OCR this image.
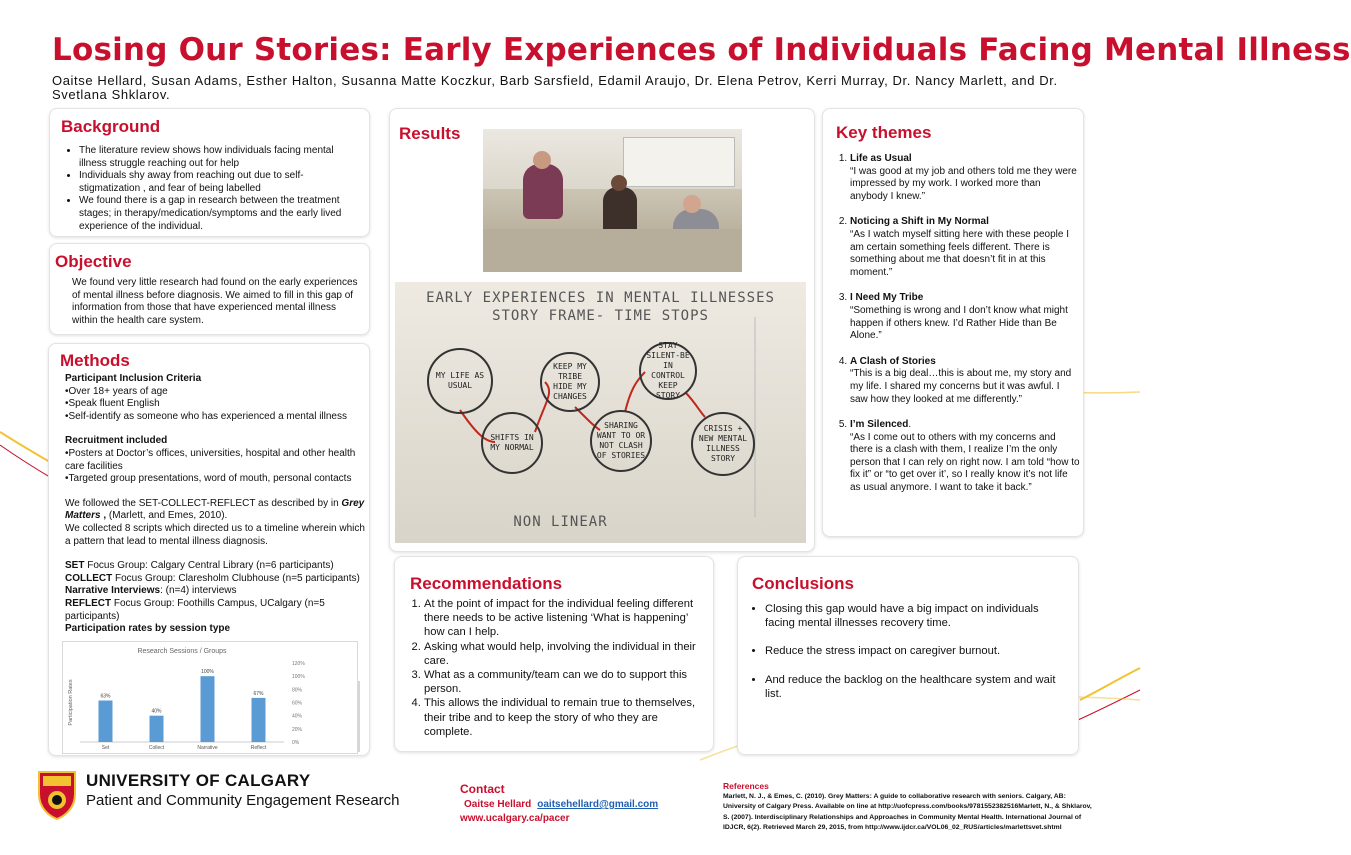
Losing Our Stories: Early Experiences of Individuals Facing Mental Illness
Oaitse Hellard, Susan Adams, Esther Halton, Susanna Matte Koczkur, Barb Sarsfield, Edamil Araujo, Dr. Elena Petrov, Kerri Murray, Dr. Nancy Marlett, and Dr. Svetlana Shklarov.
Background
• The literature review shows how individuals facing mental illness struggle reaching out for help
• Individuals shy away from reaching out due to self-stigmatization , and fear of being labelled
• We found there is a gap in research between the treatment stages; in therapy/medication/symptoms and the early lived experience of the individual.
Objective
We found very little research had found on the early experiences of mental illness before diagnosis. We aimed to fill in this gap of information from those that have experienced mental illness within the health care system.
Methods
Participant Inclusion Criteria
•Over 18+ years of age
•Speak fluent English
•Self-identify as someone who has experienced a mental illness
Recruitment included
•Posters at Doctor’s offices, universities, hospital and other health care facilities
•Targeted group presentations, word of mouth, personal contacts
We followed the SET-COLLECT-REFLECT as described by in Grey Matters , (Marlett, and Emes, 2010).
We collected 8 scripts which directed us to a timeline wherein which a pattern that lead to mental illness diagnosis.
SET Focus Group: Calgary Central Library (n=6 participants)
COLLECT Focus Group: Claresholm Clubhouse (n=5 participants)
Narrative Interviews: (n=4) interviews
REFLECT Focus Group: Foothills Campus, UCalgary (n=5 participants)
Participation rates by session type
Research Sessions / Groups
Participation Rates
0%
20%
40%
60%
80%
100%
120%
63%
Set
40%
Collect
100%
Narrative
67%
Reflect
Results
EARLY EXPERIENCES IN MENTAL ILLNESSES
STORY FRAME- TIME STOPS
MY LIFE AS USUAL
SHIFTS IN MY NORMAL
KEEP MY TRIBE HIDE MY CHANGES
SHARING WANT TO OR NOT CLASH OF STORIES
STAY SILENT-BE IN CONTROL KEEP STORY
CRISIS + NEW MENTAL ILLNESS STORY
NON LINEAR
Key themes
1. Life as Usual
“I was good at my job and others told me they were impressed by my work. I worked more than anybody I knew.”
2. Noticing a Shift in My Normal
“As I watch myself sitting here with these people I am certain something feels different. There is something about me that doesn’t fit in at this moment.”
3. I Need My Tribe
“Something is wrong and I don’t know what might happen if others knew. I’d Rather Hide than Be Alone.”
4. A Clash of Stories
“This is a big deal…this is about me, my story and my life. I shared my concerns but it was awful. I saw how they looked at me differently.”
5. I’m Silenced.
“As I come out to others with my concerns and there is a clash with them, I realize I’m the only person that I can rely on right now. I am told “how to fix it” or “to get over it’, so I really know it’s not life as usual anymore. I want to take it back.”
Recommendations
1. At the point of impact for the individual feeling different there needs to be active listening ‘What is happening’ how can I help.
2. Asking what would help, involving the individual in their care.
3. What as a community/team can we do to support this person.
4. This allows the individual to remain true to themselves, their tribe and to keep the story of who they are complete.
Conclusions
• Closing this gap would have a big impact on individuals facing mental illnesses recovery time.
• Reduce the stress impact on caregiver burnout.
• And reduce the backlog on the healthcare system and wait list.
UNIVERSITY OF CALGARY
Patient and Community Engagement Research
Contact
Oaitse Hellard oaitsehellard@gmail.com
www.ucalgary.ca/pacer
References
Marlett, N. J., & Emes, C. (2010). Grey Matters: A guide to collaborative research with seniors. Calgary, AB: University of Calgary Press. Available on line at http://uofcpress.com/books/9781552382516Marlett, N., & Shklarov, S. (2007). Interdisciplinary Relationships and Approaches in Community Mental Health. International Journal of IDJCR, 6(2). Retrieved March 29, 2015, from http://www.ijdcr.ca/VOL06_02_RUS/articles/marlettsvet.shtml
